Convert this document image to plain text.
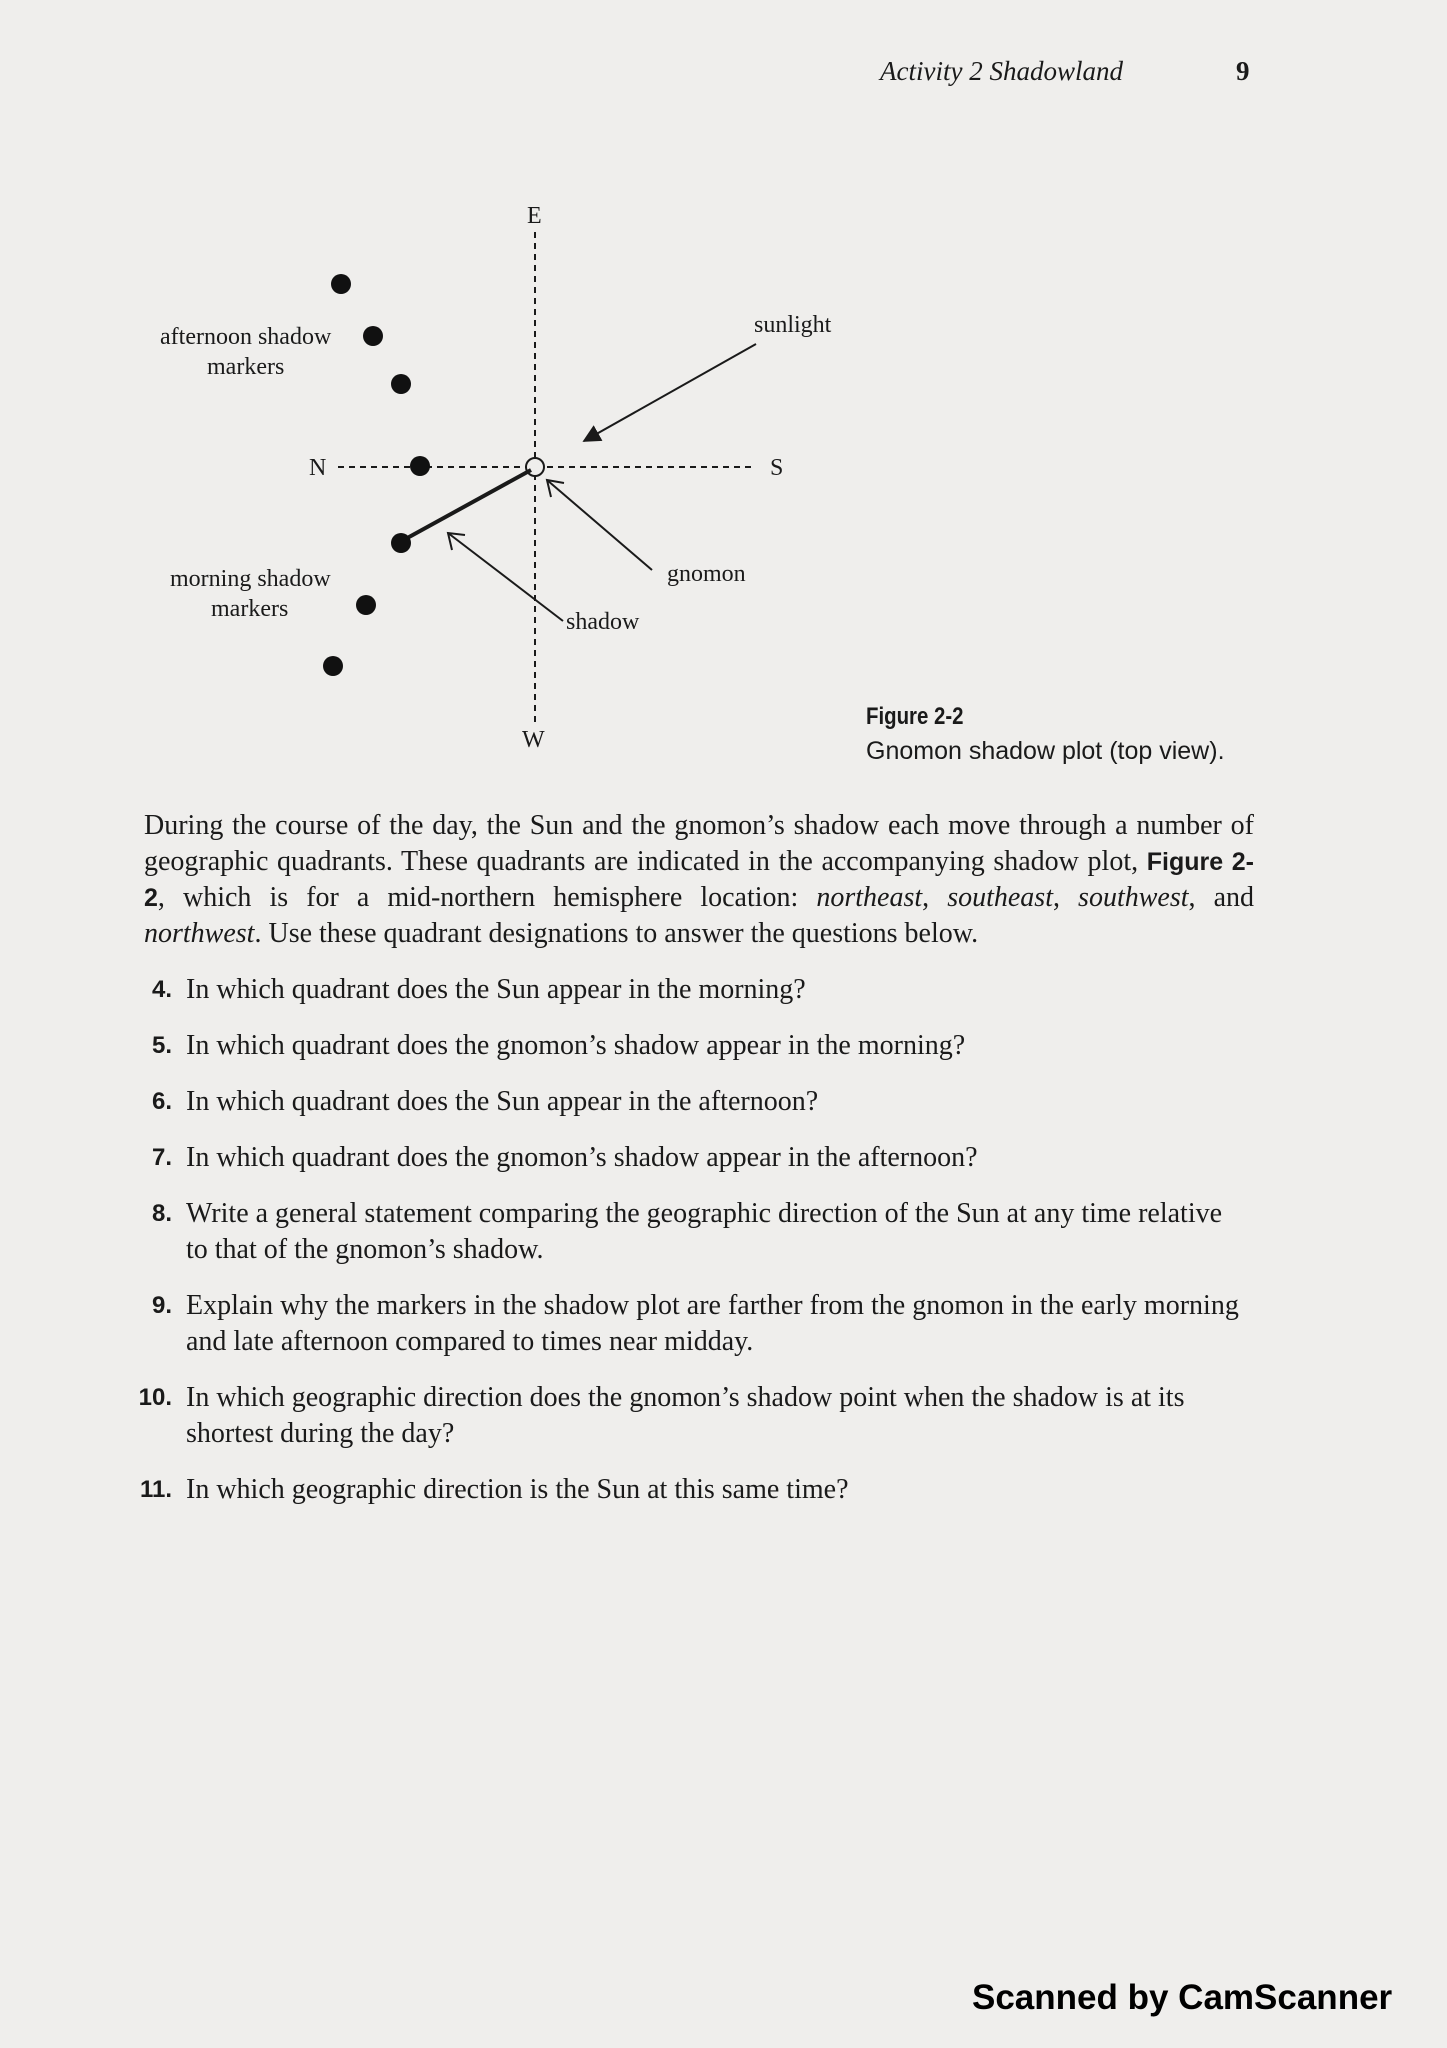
Activity 2 Shadowland	9
E
W
N	S
afternoon shadow
markers
morning shadow
markers
sunlight
gnomon
shadow
Figure 2-2
Gnomon shadow plot (top view).

During the course of the day, the Sun and the gnomon’s shadow each move through a number of geographic quadrants. These quadrants are indicated in the accompanying shadow plot, Figure 2-2, which is for a mid-northern hemisphere location: northeast, southeast, southwest, and northwest. Use these quadrant designations to answer the questions below.

4. In which quadrant does the Sun appear in the morning?
5. In which quadrant does the gnomon’s shadow appear in the morning?
6. In which quadrant does the Sun appear in the afternoon?
7. In which quadrant does the gnomon’s shadow appear in the afternoon?
8. Write a general statement comparing the geographic direction of the Sun at any time relative to that of the gnomon’s shadow.
9. Explain why the markers in the shadow plot are farther from the gnomon in the early morning and late afternoon compared to times near midday.
10. In which geographic direction does the gnomon’s shadow point when the shadow is at its shortest during the day?
11. In which geographic direction is the Sun at this same time?
Scanned by CamScanner
